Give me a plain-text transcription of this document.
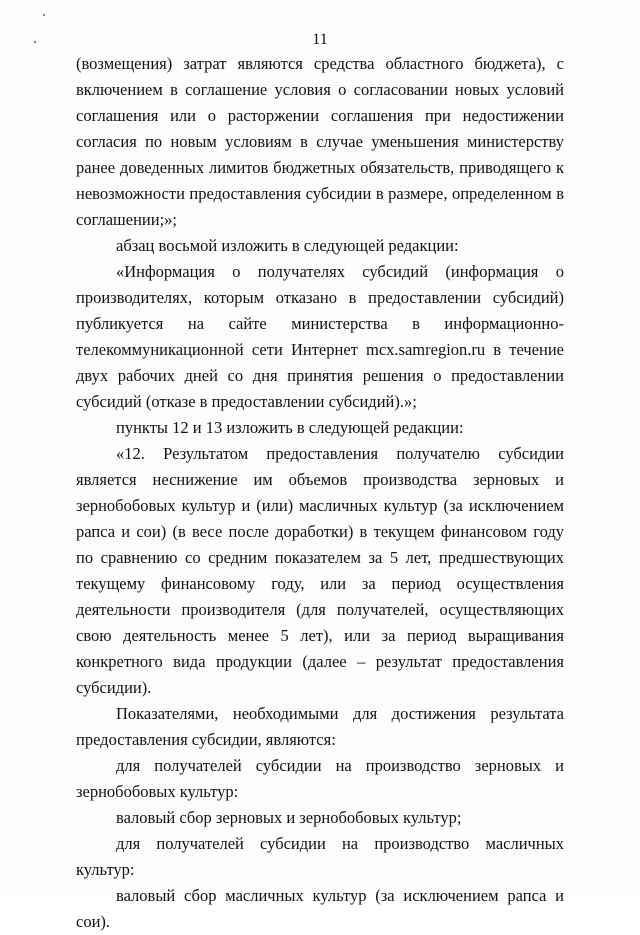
11

(возмещения) затрат являются средства областного бюджета), с включением в соглашение условия о согласовании новых условий соглашения или о расторжении соглашения при недостижении согласия по новым условиям в случае уменьшения министерству ранее доведенных лимитов бюджетных обязательств, приводящего к невозможности предоставления субсидии в размере, определенном в соглашении;»;

абзац восьмой изложить в следующей редакции:

«Информация о получателях субсидий (информация о производителях, которым отказано в предоставлении субсидий) публикуется на сайте министерства в информационно-телекоммуникационной сети Интернет mcx.samregion.ru в течение двух рабочих дней со дня принятия решения о предоставлении субсидий (отказе в предоставлении субсидий).»;

пункты 12 и 13 изложить в следующей редакции:

«12. Результатом предоставления получателю субсидии является неснижение им объемов производства зерновых и зернобобовых культур и (или) масличных культур (за исключением рапса и сои) (в весе после доработки) в текущем финансовом году по сравнению со средним показателем за 5 лет, предшествующих текущему финансовому году, или за период осуществления деятельности производителя (для получателей, осуществляющих свою деятельность менее 5 лет), или за период выращивания конкретного вида продукции (далее – результат предоставления субсидии).

Показателями, необходимыми для достижения результата предоставления субсидии, являются:

для получателей субсидии на производство зерновых и зернобобовых культур:

валовый сбор зерновых и зернобобовых культур;

для получателей субсидии на производство масличных культур:

валовый сбор масличных культур (за исключением рапса и сои).
